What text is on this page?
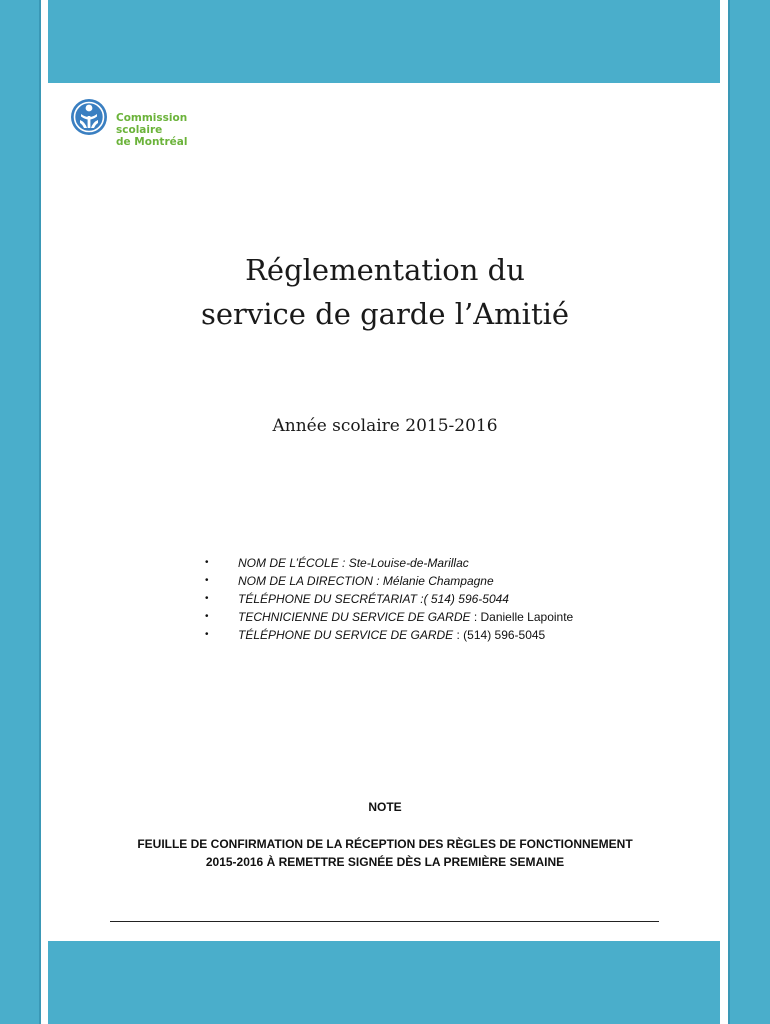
Commission
scolaire
de Montréal
Réglementation du
service de garde l’Amitié
Année scolaire 2015-2016
• NOM DE L’ÉCOLE : Ste-Louise-de-Marillac
• NOM DE LA DIRECTION : Mélanie Champagne
• TÉLÉPHONE DU SECRÉTARIAT :( 514) 596-5044
• TECHNICIENNE DU SERVICE DE GARDE : Danielle Lapointe
• TÉLÉPHONE DU SERVICE DE GARDE : (514) 596-5045
NOTE
FEUILLE DE CONFIRMATION DE LA RÉCEPTION DES RÈGLES DE FONCTIONNEMENT
2015-2016 À REMETTRE SIGNÉE DÈS LA PREMIÈRE SEMAINE
